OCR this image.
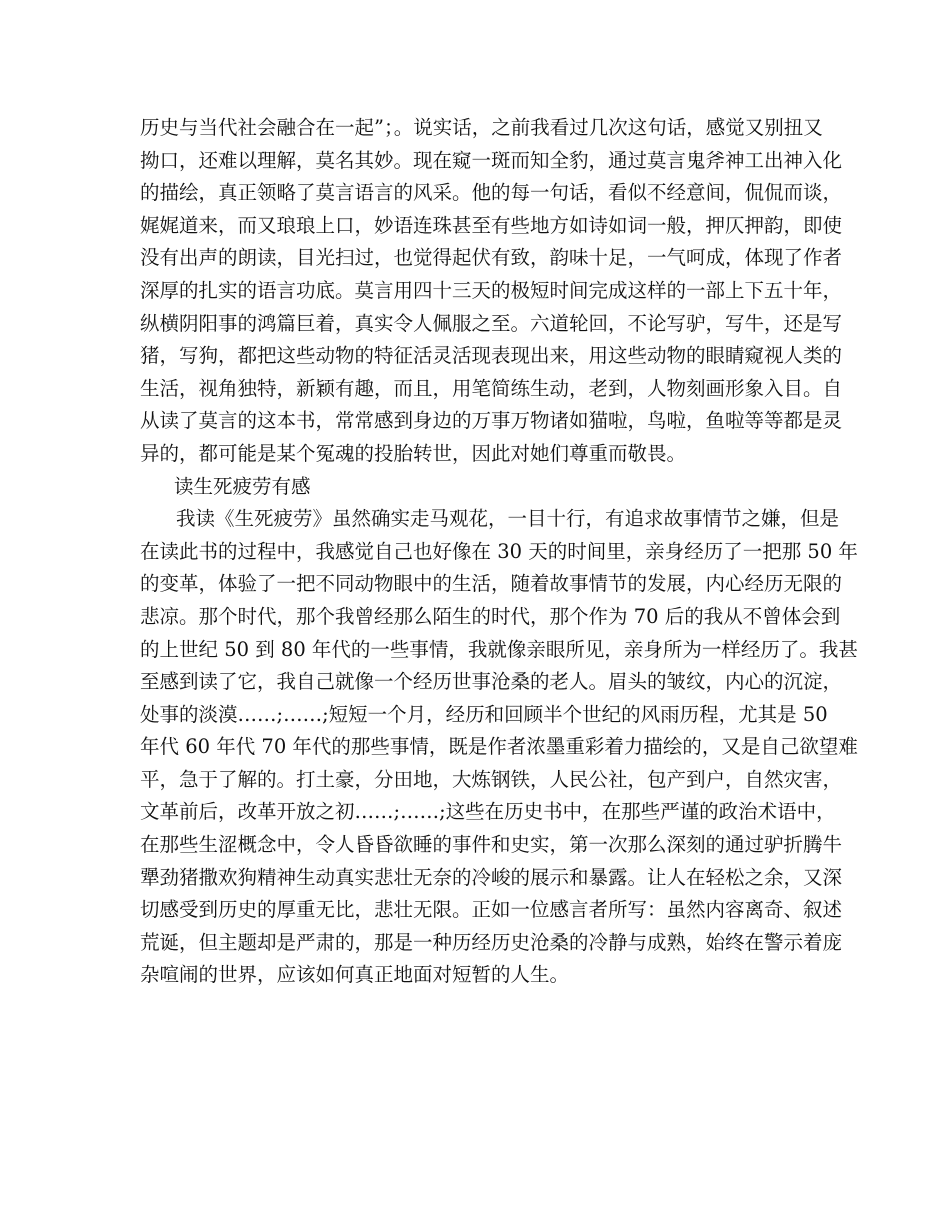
历史与当代社会融合在一起”；。说实话，之前我看过几次这句话，感觉又别扭又
拗口，还难以理解，莫名其妙。现在窥一斑而知全豹，通过莫言鬼斧神工出神入化
的描绘，真正领略了莫言语言的风采。他的每一句话，看似不经意间，侃侃而谈，
娓娓道来，而又琅琅上口，妙语连珠甚至有些地方如诗如词一般，押仄押韵，即使
没有出声的朗读，目光扫过，也觉得起伏有致，韵味十足，一气呵成，体现了作者
深厚的扎实的语言功底。莫言用四十三天的极短时间完成这样的一部上下五十年，
纵横阴阳事的鸿篇巨着，真实令人佩服之至。六道轮回，不论写驴，写牛，还是写
猪，写狗，都把这些动物的特征活灵活现表现出来，用这些动物的眼睛窥视人类的
生活，视角独特，新颖有趣，而且，用笔简练生动，老到，人物刻画形象入目。自
从读了莫言的这本书，常常感到身边的万事万物诸如猫啦，鸟啦，鱼啦等等都是灵
异的，都可能是某个冤魂的投胎转世，因此对她们尊重而敬畏。
读生死疲劳有感
我读《生死疲劳》虽然确实走马观花，一目十行，有追求故事情节之嫌，但是
在读此书的过程中，我感觉自己也好像在 30 天的时间里，亲身经历了一把那 50 年
的变革，体验了一把不同动物眼中的生活，随着故事情节的发展，内心经历无限的
悲凉。那个时代，那个我曾经那么陌生的时代，那个作为 70 后的我从不曾体会到
的上世纪 50 到 80 年代的一些事情，我就像亲眼所见，亲身所为一样经历了。我甚
至感到读了它，我自己就像一个经历世事沧桑的老人。眉头的皱纹，内心的沉淀，
处事的淡漠……;……;短短一个月，经历和回顾半个世纪的风雨历程，尤其是 50
年代 60 年代 70 年代的那些事情，既是作者浓墨重彩着力描绘的，又是自己欲望难
平，急于了解的。打土豪，分田地，大炼钢铁，人民公社，包产到户，自然灾害，
文革前后，改革开放之初……;……;这些在历史书中，在那些严谨的政治术语中，
在那些生涩概念中，令人昏昏欲睡的事件和史实，第一次那么深刻的通过驴折腾牛
犟劲猪撒欢狗精神生动真实悲壮无奈的冷峻的展示和暴露。让人在轻松之余，又深
切感受到历史的厚重无比，悲壮无限。正如一位感言者所写：虽然内容离奇、叙述
荒诞，但主题却是严肃的，那是一种历经历史沧桑的冷静与成熟，始终在警示着庞
杂喧闹的世界，应该如何真正地面对短暂的人生。
